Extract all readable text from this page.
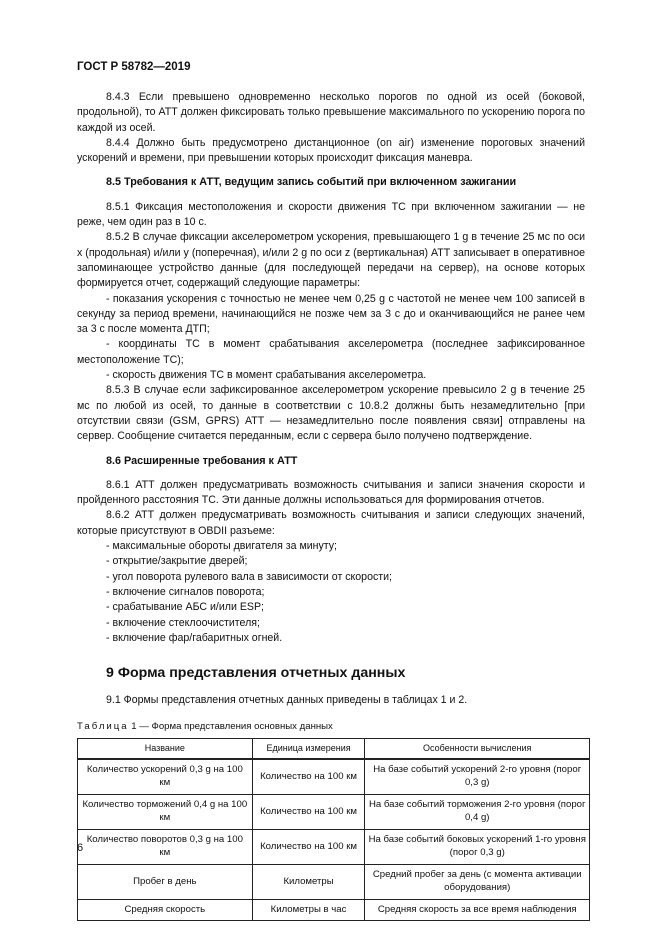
ГОСТ Р 58782—2019

8.4.3 Если превышено одновременно несколько порогов по одной из осей (боковой, продольной), то АТТ должен фиксировать только превышение максимального по ускорению порога по каждой из осей.

8.4.4 Должно быть предусмотрено дистанционное (on air) изменение пороговых значений ускорений и времени, при превышении которых происходит фиксация маневра.

8.5 Требования к АТТ, ведущим запись событий при включенном зажигании

8.5.1 Фиксация местоположения и скорости движения ТС при включенном зажигании — не реже, чем один раз в 10 с.

8.5.2 В случае фиксации акселерометром ускорения, превышающего 1 g в течение 25 мс по оси x (продольная) и/или y (поперечная), и/или 2 g по оси z (вертикальная) АТТ записывает в оперативное запоминающее устройство данные (для последующей передачи на сервер), на основе которых формируется отчет, содержащий следующие параметры:

- показания ускорения с точностью не менее чем 0,25 g с частотой не менее чем 100 записей в секунду за период времени, начинающийся не позже чем за 3 с до и оканчивающийся не ранее чем за 3 с после момента ДТП;

- координаты ТС в момент срабатывания акселерометра (последнее зафиксированное местоположение ТС);

- скорость движения ТС в момент срабатывания акселерометра.

8.5.3 В случае если зафиксированное акселерометром ускорение превысило 2 g в течение 25 мс по любой из осей, то данные в соответствии с 10.8.2 должны быть незамедлительно [при отсутствии связи (GSM, GPRS) АТТ — незамедлительно после появления связи] отправлены на сервер. Сообщение считается переданным, если с сервера было получено подтверждение.

8.6 Расширенные требования к АТТ

8.6.1 АТТ должен предусматривать возможность считывания и записи значения скорости и пройденного расстояния ТС. Эти данные должны использоваться для формирования отчетов.

8.6.2 АТТ должен предусматривать возможность считывания и записи следующих значений, которые присутствуют в OBDII разъеме:

- максимальные обороты двигателя за минуту;

- открытие/закрытие дверей;

- угол поворота рулевого вала в зависимости от скорости;

- включение сигналов поворота;

- срабатывание АБС и/или ESP;

- включение стеклоочистителя;

- включение фар/габаритных огней.

9 Форма представления отчетных данных

9.1 Формы представления отчетных данных приведены в таблицах 1 и 2.

Таблица 1 — Форма представления основных данных

Название	Единица измерения	Особенности вычисления
Количество ускорений 0,3 g на 100 км	Количество на 100 км	На базе событий ускорений 2-го уровня (порог 0,3 g)
Количество торможений 0,4 g на 100 км	Количество на 100 км	На базе событий торможения 2-го уровня (порог 0,4 g)
Количество поворотов 0,3 g на 100 км	Количество на 100 км	На базе событий боковых ускорений 1-го уровня (порог 0,3 g)
Пробег в день	Километры	Средний пробег за день (с момента активации оборудования)
Средняя скорость	Километры в час	Средняя скорость за все время наблюдения
6
